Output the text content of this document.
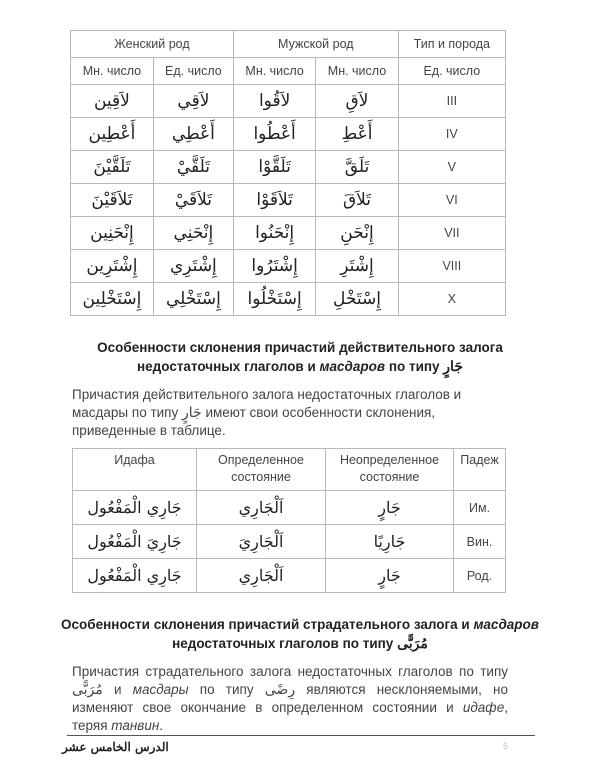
Женский род		Мужской род		Тип и порода
Мн. число	Ед. число	Мн. число	Мн. число	Ед. число
لاَقِين	لاَقِي	لاَقُوا	لاَقِ	III
أَعْطِين	أَعْطِي	أَعْطُوا	أَعْطِ	IV
تَلَقَّيْنَ	تَلَقَّيْ	تَلَقَّوْا	تَلَقَّ	V
تَلاَقَيْنَ	تَلاَقَيْ	تَلاَقَوْا	تَلاَقَ	VI
إِنْحَنِين	إِنْحَنِي	إِنْحَنُوا	إِنْحَنِ	VII
إِشْتَرِين	إِشْتَرِي	إِشْتَرُوا	إِشْتَرِ	VIII
إِسْتَخْلِين	إِسْتَخْلِي	إِسْتَخْلُوا	إِسْتَخْلِ	X
Особенности склонения причастий действительного залога
недостаточных глаголов и масдаров по типу جَارٍ
Причастия действительного залога недостаточных глаголов и масдары по типу جَارٍ имеют свои особенности склонения, приведенные в таблице.
Идафа	Определенное состояние	Неопределенное состояние	Падеж
جَارِي الْمَفْعُول	اَلْجَارِي	جَارٍ	Им.
جَارِيَ الْمَفْعُول	اَلْجَارِيَ	جَارِيًا	Вин.
جَارِي الْمَفْعُول	اَلْجَارِي	جَارٍ	Род.
Особенности склонения причастий страдательного залога и масдаров
недостаточных глаголов по типу مُرَبًّى
Причастия страдательного залога недостаточных глаголов по типу مُرَبًّى и масдары по типу رِضًى являются несклоняемыми, но изменяют свое окончание в определенном состоянии и идафе, теряя танвин.
الدرس الخامس عشر	5
